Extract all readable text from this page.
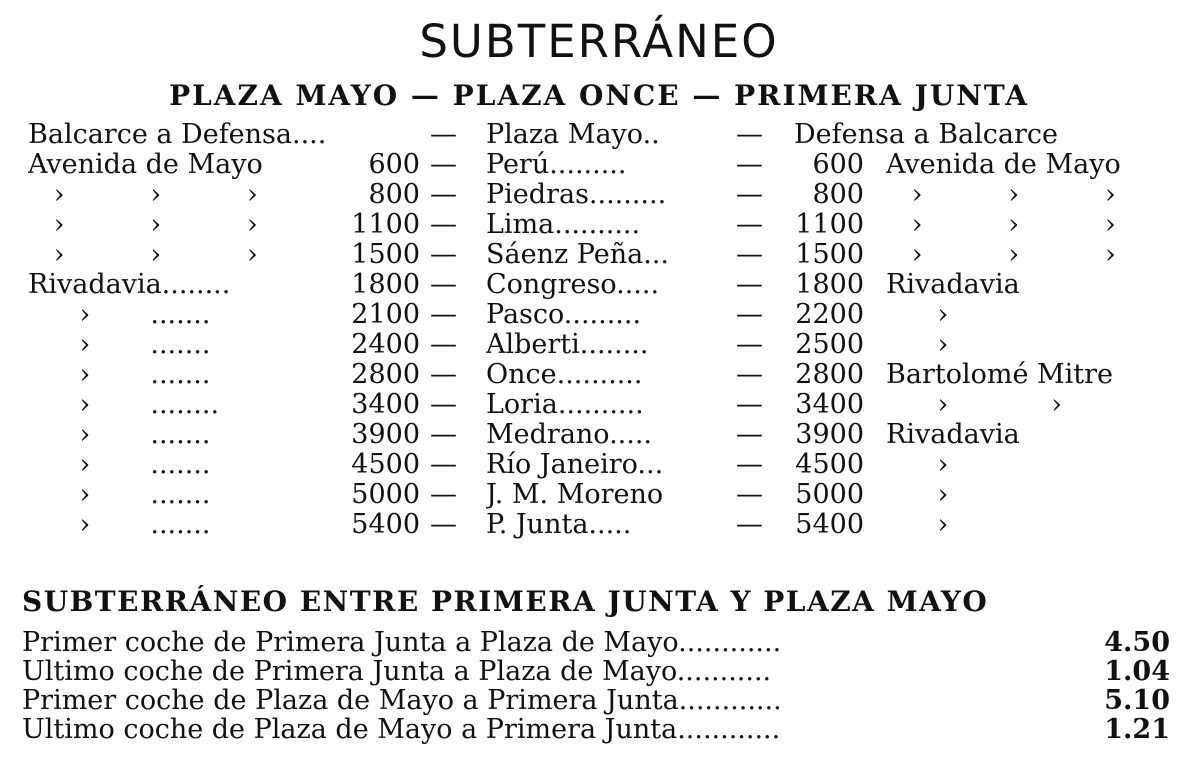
SUBTERRÁNEO
PLAZA MAYO — PLAZA ONCE — PRIMERA JUNTA
Balcarce a Defensa....	—	Plaza Mayo..	—	Defensa a Balcarce
Avenida de Mayo	600 —	Perú.........	—	600 Avenida de Mayo
›          ›          ›	800 —	Piedras.........	—	800 ›          ›          ›
›          ›          ›	1100 —	Lima..........	—	1100 ›          ›          ›
›          ›          ›	1500 —	Sáenz Peña...	—	1500 ›          ›          ›
Rivadavia........	1800 —	Congreso.....	—	1800 Rivadavia
›       .......	2100 —	Pasco.........	—	2200 ›
›       .......	2400 —	Alberti........	—	2500 ›
›       .......	2800 —	Once..........	—	2800 Bartolomé Mitre
›       ........	3400 —	Loria..........	—	3400 ›            ›
›       .......	3900 —	Medrano.....	—	3900 Rivadavia
›       .......	4500 —	Río Janeiro...	—	4500 ›
›       .......	5000 —	J. M. Moreno	—	5000 ›
›       .......	5400 —	P. Junta.....	—	5400 ›
SUBTERRÁNEO ENTRE PRIMERA JUNTA Y PLAZA MAYO
Primer coche de Primera Junta a Plaza de Mayo............	4.50
Ultimo coche de Primera Junta a Plaza de Mayo...........	1.04
Primer coche de Plaza de Mayo a Primera Junta............	5.10
Ultimo coche de Plaza de Mayo a Primera Junta............	1.21
